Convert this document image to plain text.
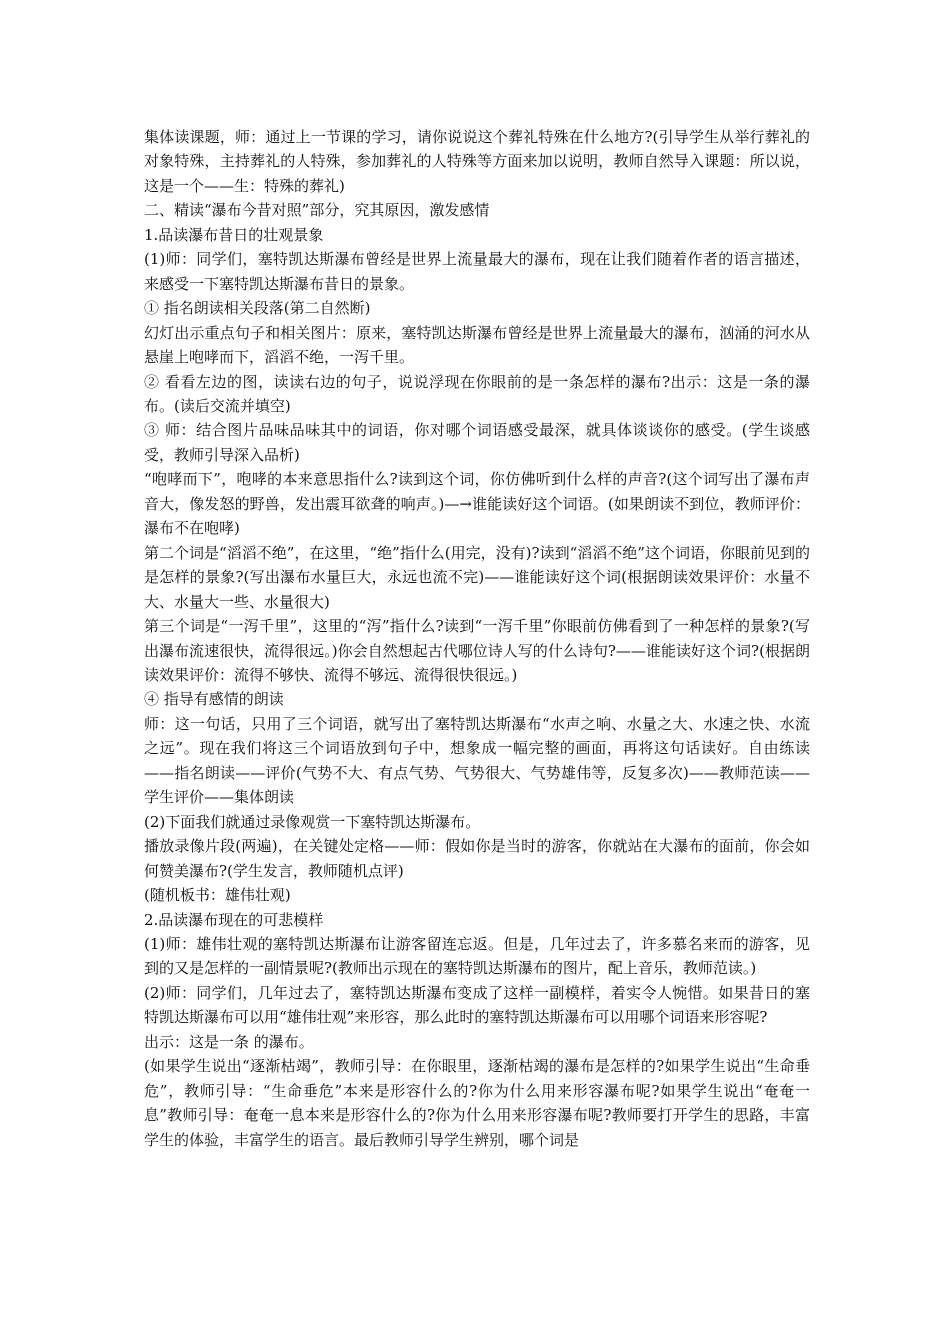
集体读课题，师：通过上一节课的学习，请你说说这个葬礼特殊在什么地方?(引导学生从举行葬礼的对象特殊，主持葬礼的人特殊，参加葬礼的人特殊等方面来加以说明，教师自然导入课题：所以说，这是一个——生：特殊的葬礼)

二、精读“瀑布今昔对照”部分，究其原因，激发感情

1.品读瀑布昔日的壮观景象

(1)师：同学们，塞特凯达斯瀑布曾经是世界上流量最大的瀑布，现在让我们随着作者的语言描述，来感受一下塞特凯达斯瀑布昔日的景象。

① 指名朗读相关段落(第二自然断)

幻灯出示重点句子和相关图片：原来，塞特凯达斯瀑布曾经是世界上流量最大的瀑布，汹涌的河水从悬崖上咆哮而下，滔滔不绝，一泻千里。

② 看看左边的图，读读右边的句子，说说浮现在你眼前的是一条怎样的瀑布?出示：这是一条的瀑布。(读后交流并填空)

③ 师：结合图片品味品味其中的词语，你对哪个词语感受最深，就具体谈谈你的感受。(学生谈感受，教师引导深入品析)

“咆哮而下”，咆哮的本来意思指什么?读到这个词，你仿佛听到什么样的声音?(这个词写出了瀑布声音大，像发怒的野兽，发出震耳欲聋的响声。)—→谁能读好这个词语。(如果朗读不到位，教师评价：瀑布不在咆哮)

第二个词是“滔滔不绝”，在这里，“绝”指什么(用完，没有)?读到“滔滔不绝”这个词语，你眼前见到的是怎样的景象?(写出瀑布水量巨大，永远也流不完)——谁能读好这个词(根据朗读效果评价：水量不大、水量大一些、水量很大)

第三个词是“一泻千里”，这里的“泻”指什么?读到“一泻千里”你眼前仿佛看到了一种怎样的景象?(写出瀑布流速很快，流得很远。)你会自然想起古代哪位诗人写的什么诗句?——谁能读好这个词?(根据朗读效果评价：流得不够快、流得不够远、流得很快很远。)

④ 指导有感情的朗读

师：这一句话，只用了三个词语，就写出了塞特凯达斯瀑布“水声之响、水量之大、水速之快、水流之远”。现在我们将这三个词语放到句子中，想象成一幅完整的画面，再将这句话读好。自由练读——指名朗读——评价(气势不大、有点气势、气势很大、气势雄伟等，反复多次)——教师范读——学生评价——集体朗读

(2)下面我们就通过录像观赏一下塞特凯达斯瀑布。

播放录像片段(两遍)，在关键处定格——师：假如你是当时的游客，你就站在大瀑布的面前，你会如何赞美瀑布?(学生发言，教师随机点评)

(随机板书：雄伟壮观)

2.品读瀑布现在的可悲模样

(1)师：雄伟壮观的塞特凯达斯瀑布让游客留连忘返。但是，几年过去了，许多慕名来而的游客，见到的又是怎样的一副情景呢?(教师出示现在的塞特凯达斯瀑布的图片，配上音乐，教师范读。)

(2)师：同学们，几年过去了，塞特凯达斯瀑布变成了这样一副模样，着实令人惋惜。如果昔日的塞特凯达斯瀑布可以用“雄伟壮观”来形容，那么此时的塞特凯达斯瀑布可以用哪个词语来形容呢?

出示：这是一条 的瀑布。

(如果学生说出“逐渐枯竭”，教师引导：在你眼里，逐渐枯竭的瀑布是怎样的?如果学生说出“生命垂危”，教师引导：“生命垂危”本来是形容什么的?你为什么用来形容瀑布呢?如果学生说出“奄奄一息”教师引导：奄奄一息本来是形容什么的?你为什么用来形容瀑布呢?教师要打开学生的思路，丰富学生的体验，丰富学生的语言。最后教师引导学生辨别，哪个词是
